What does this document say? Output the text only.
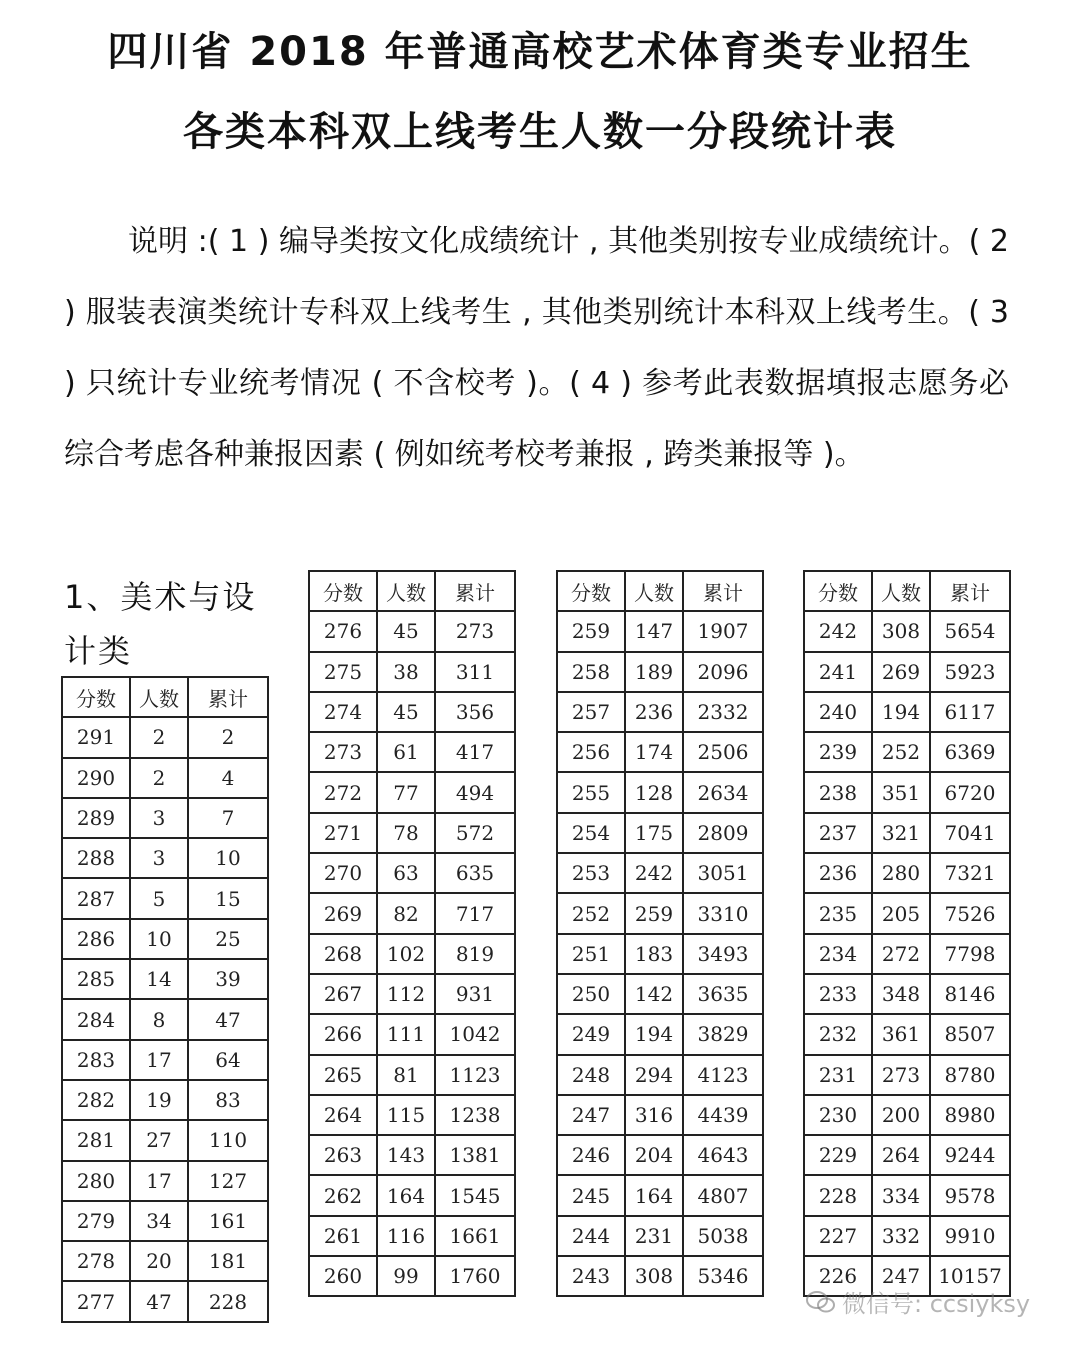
四川省 2018 年普通高校艺术体育类专业招生
各类本科双上线考生人数一分段统计表
说明 :( 1 ) 编导类按文化成绩统计 , 其他类别按专业成绩统计。( 2 ) 服装表演类统计专科双上线考生 , 其他类别统计本科双上线考生。( 3 ) 只统计专业统考情况 ( 不含校考 )。( 4 ) 参考此表数据填报志愿务必综合考虑各种兼报因素 ( 例如统考校考兼报 , 跨类兼报等 )。
1、美术与设计类
分数	人数	累计
291	2	2
290	2	4
289	3	7
288	3	10
287	5	15
286	10	25
285	14	39
284	8	47
283	17	64
282	19	83
281	27	110
280	17	127
279	34	161
278	20	181
277	47	228
分数	人数	累计
276	45	273
275	38	311
274	45	356
273	61	417
272	77	494
271	78	572
270	63	635
269	82	717
268	102	819
267	112	931
266	111	1042
265	81	1123
264	115	1238
263	143	1381
262	164	1545
261	116	1661
260	99	1760
分数	人数	累计
259	147	1907
258	189	2096
257	236	2332
256	174	2506
255	128	2634
254	175	2809
253	242	3051
252	259	3310
251	183	3493
250	142	3635
249	194	3829
248	294	4123
247	316	4439
246	204	4643
245	164	4807
244	231	5038
243	308	5346
分数	人数	累计
242	308	5654
241	269	5923
240	194	6117
239	252	6369
238	351	6720
237	321	7041
236	280	7321
235	205	7526
234	272	7798
233	348	8146
232	361	8507
231	273	8780
230	200	8980
229	264	9244
228	334	9578
227	332	9910
226	247	10157
微信号: ccsiyksy
